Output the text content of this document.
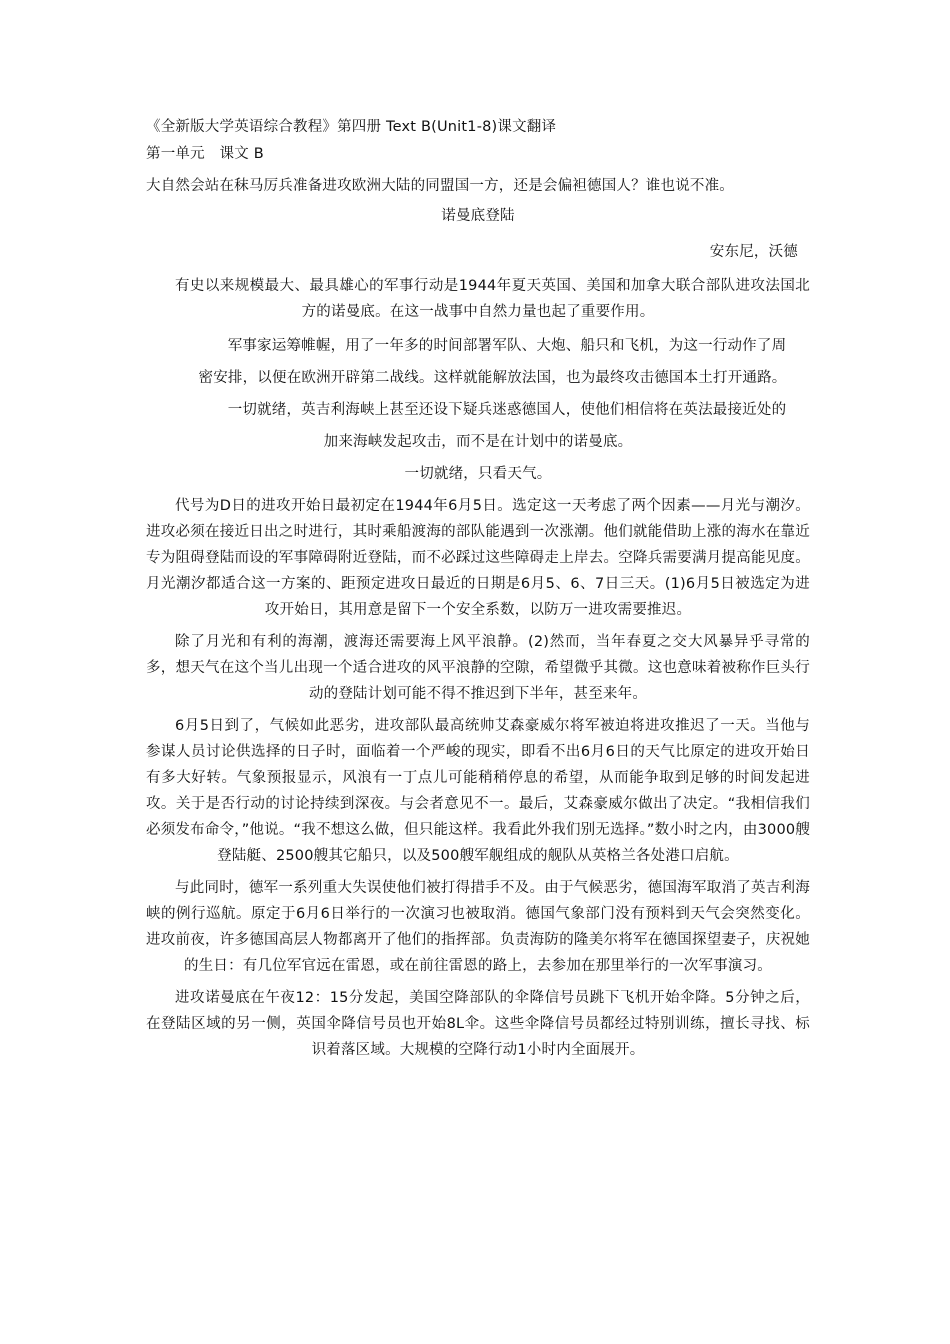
《全新版大学英语综合教程》第四册 Text B(Unit1-8)课文翻译

第一单元　课文 B

大自然会站在秣马厉兵准备进攻欧洲大陆的同盟国一方，还是会偏袒德国人？谁也说不准。

诺曼底登陆

安东尼，沃德

有史以来规模最大、最具雄心的军事行动是1944年夏天英国、美国和加拿大联合部队进攻法国北方的诺曼底。在这一战事中自然力量也起了重要作用。

军事家运筹帷幄，用了一年多的时间部署军队、大炮、船只和飞机，为这一行动作了周

密安排，以便在欧洲开辟第二战线。这样就能解放法国，也为最终攻击德国本土打开通路。

一切就绪，英吉利海峡上甚至还设下疑兵迷惑德国人，使他们相信将在英法最接近处的

加来海峡发起攻击，而不是在计划中的诺曼底。

一切就绪，只看天气。

代号为D日的进攻开始日最初定在1944年6月5日。选定这一天考虑了两个因素——月光与潮汐。进攻必须在接近日出之时进行，其时乘船渡海的部队能遇到一次涨潮。他们就能借助上涨的海水在靠近专为阻碍登陆而设的军事障碍附近登陆，而不必踩过这些障碍走上岸去。空降兵需要满月提高能见度。月光潮汐都适合这一方案的、距预定进攻日最近的日期是6月5、6、7日三天。(1)6月5日被选定为进攻开始日，其用意是留下一个安全系数，以防万一进攻需要推迟。

除了月光和有利的海潮，渡海还需要海上风平浪静。(2)然而，当年春夏之交大风暴异乎寻常的多，想天气在这个当儿出现一个适合进攻的风平浪静的空隙，希望微乎其微。这也意味着被称作巨头行动的登陆计划可能不得不推迟到下半年，甚至来年。

6月5日到了，气候如此恶劣，进攻部队最高统帅艾森豪威尔将军被迫将进攻推迟了一天。当他与参谋人员讨论供选择的日子时，面临着一个严峻的现实，即看不出6月6日的天气比原定的进攻开始日有多大好转。气象预报显示，风浪有一丁点儿可能稍稍停息的希望，从而能争取到足够的时间发起进攻。关于是否行动的讨论持续到深夜。与会者意见不一。最后，艾森豪威尔做出了决定。“我相信我们必须发布命令，”他说。“我不想这么做，但只能这样。我看此外我们别无选择。”数小时之内，由3000艘登陆艇、2500艘其它船只，以及500艘军舰组成的舰队从英格兰各处港口启航。

与此同时，德军一系列重大失误使他们被打得措手不及。由于气候恶劣，德国海军取消了英吉利海峡的例行巡航。原定于6月6日举行的一次演习也被取消。德国气象部门没有预料到天气会突然变化。进攻前夜，许多德国高层人物都离开了他们的指挥部。负责海防的隆美尔将军在德国探望妻子，庆祝她的生日：有几位军官远在雷恩，或在前往雷恩的路上，去参加在那里举行的一次军事演习。

进攻诺曼底在午夜12：15分发起，美国空降部队的伞降信号员跳下飞机开始伞降。5分钟之后，在登陆区域的另一侧，英国伞降信号员也开始8L伞。这些伞降信号员都经过特别训练，擅长寻找、标识着落区域。大规模的空降行动1小时内全面展开。
